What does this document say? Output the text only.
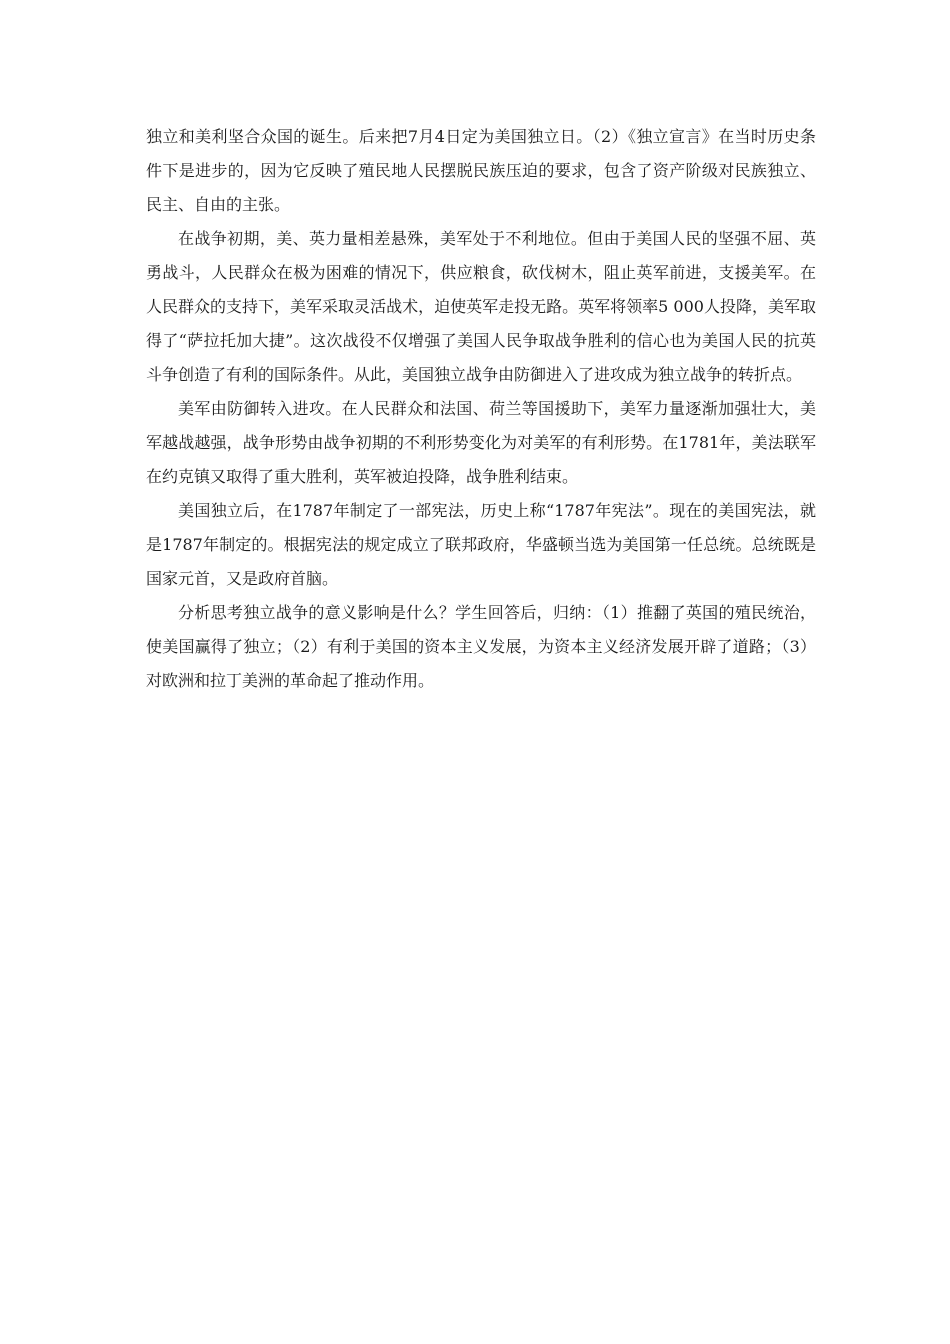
独立和美利坚合众国的诞生。后来把7月4日定为美国独立日。（2）《独立宣言》在当时历史条件下是进步的，因为它反映了殖民地人民摆脱民族压迫的要求，包含了资产阶级对民族独立、民主、自由的主张。

在战争初期，美、英力量相差悬殊，美军处于不利地位。但由于美国人民的坚强不屈、英勇战斗，人民群众在极为困难的情况下，供应粮食，砍伐树木，阻止英军前进，支援美军。在人民群众的支持下，美军采取灵活战术，迫使英军走投无路。英军将领率5 000人投降，美军取得了“萨拉托加大捷”。这次战役不仅增强了美国人民争取战争胜利的信心也为美国人民的抗英斗争创造了有利的国际条件。从此，美国独立战争由防御进入了进攻成为独立战争的转折点。

美军由防御转入进攻。在人民群众和法国、荷兰等国援助下，美军力量逐渐加强壮大，美军越战越强，战争形势由战争初期的不利形势变化为对美军的有利形势。在1781年，美法联军在约克镇又取得了重大胜利，英军被迫投降，战争胜利结束。

美国独立后，在1787年制定了一部宪法，历史上称“1787年宪法”。现在的美国宪法，就是1787年制定的。根据宪法的规定成立了联邦政府，华盛顿当选为美国第一任总统。总统既是国家元首，又是政府首脑。

分析思考独立战争的意义影响是什么？学生回答后，归纳：（1）推翻了英国的殖民统治，使美国赢得了独立；（2）有利于美国的资本主义发展，为资本主义经济发展开辟了道路；（3）对欧洲和拉丁美洲的革命起了推动作用。
